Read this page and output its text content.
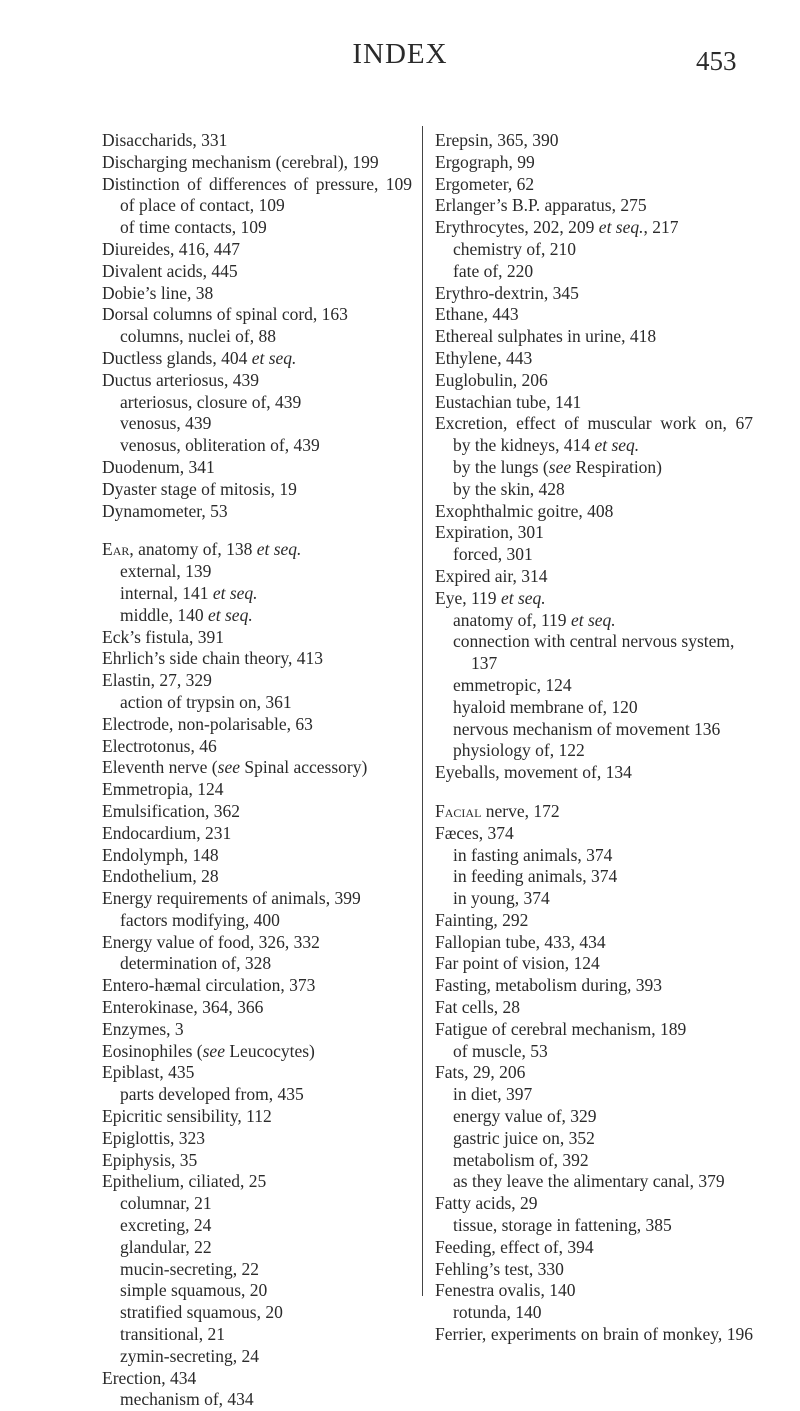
INDEX	453
Disaccharids, 331
Discharging mechanism (cerebral), 199
Distinction of differences of pressure, 109
of place of contact, 109
of time contacts, 109
Diureides, 416, 447
Divalent acids, 445
Dobie’s line, 38
Dorsal columns of spinal cord, 163
columns, nuclei of, 88
Ductless glands, 404 et seq.
Ductus arteriosus, 439
arteriosus, closure of, 439
venosus, 439
venosus, obliteration of, 439
Duodenum, 341
Dyaster stage of mitosis, 19
Dynamometer, 53
Ear, anatomy of, 138 et seq.
external, 139
internal, 141 et seq.
middle, 140 et seq.
Eck’s fistula, 391
Ehrlich’s side chain theory, 413
Elastin, 27, 329
action of trypsin on, 361
Electrode, non-polarisable, 63
Electrotonus, 46
Eleventh nerve (see Spinal accessory)
Emmetropia, 124
Emulsification, 362
Endocardium, 231
Endolymph, 148
Endothelium, 28
Energy requirements of animals, 399
factors modifying, 400
Energy value of food, 326, 332
determination of, 328
Entero-hæmal circulation, 373
Enterokinase, 364, 366
Enzymes, 3
Eosinophiles (see Leucocytes)
Epiblast, 435
parts developed from, 435
Epicritic sensibility, 112
Epiglottis, 323
Epiphysis, 35
Epithelium, ciliated, 25
columnar, 21
excreting, 24
glandular, 22
mucin-secreting, 22
simple squamous, 20
stratified squamous, 20
transitional, 21
zymin-secreting, 24
Erection, 434
mechanism of, 434
Erepsin, 365, 390
Ergograph, 99
Ergometer, 62
Erlanger’s B.P. apparatus, 275
Erythrocytes, 202, 209 et seq., 217
chemistry of, 210
fate of, 220
Erythro-dextrin, 345
Ethane, 443
Ethereal sulphates in urine, 418
Ethylene, 443
Euglobulin, 206
Eustachian tube, 141
Excretion, effect of muscular work on, 67
by the kidneys, 414 et seq.
by the lungs (see Respiration)
by the skin, 428
Exophthalmic goitre, 408
Expiration, 301
forced, 301
Expired air, 314
Eye, 119 et seq.
anatomy of, 119 et seq.
connection with central nervous system, 137
emmetropic, 124
hyaloid membrane of, 120
nervous mechanism of movement 136
physiology of, 122
Eyeballs, movement of, 134
Facial nerve, 172
Fæces, 374
in fasting animals, 374
in feeding animals, 374
in young, 374
Fainting, 292
Fallopian tube, 433, 434
Far point of vision, 124
Fasting, metabolism during, 393
Fat cells, 28
Fatigue of cerebral mechanism, 189
of muscle, 53
Fats, 29, 206
in diet, 397
energy value of, 329
gastric juice on, 352
metabolism of, 392
as they leave the alimentary canal, 379
Fatty acids, 29
tissue, storage in fattening, 385
Feeding, effect of, 394
Fehling’s test, 330
Fenestra ovalis, 140
rotunda, 140
Ferrier, experiments on brain of monkey, 196
